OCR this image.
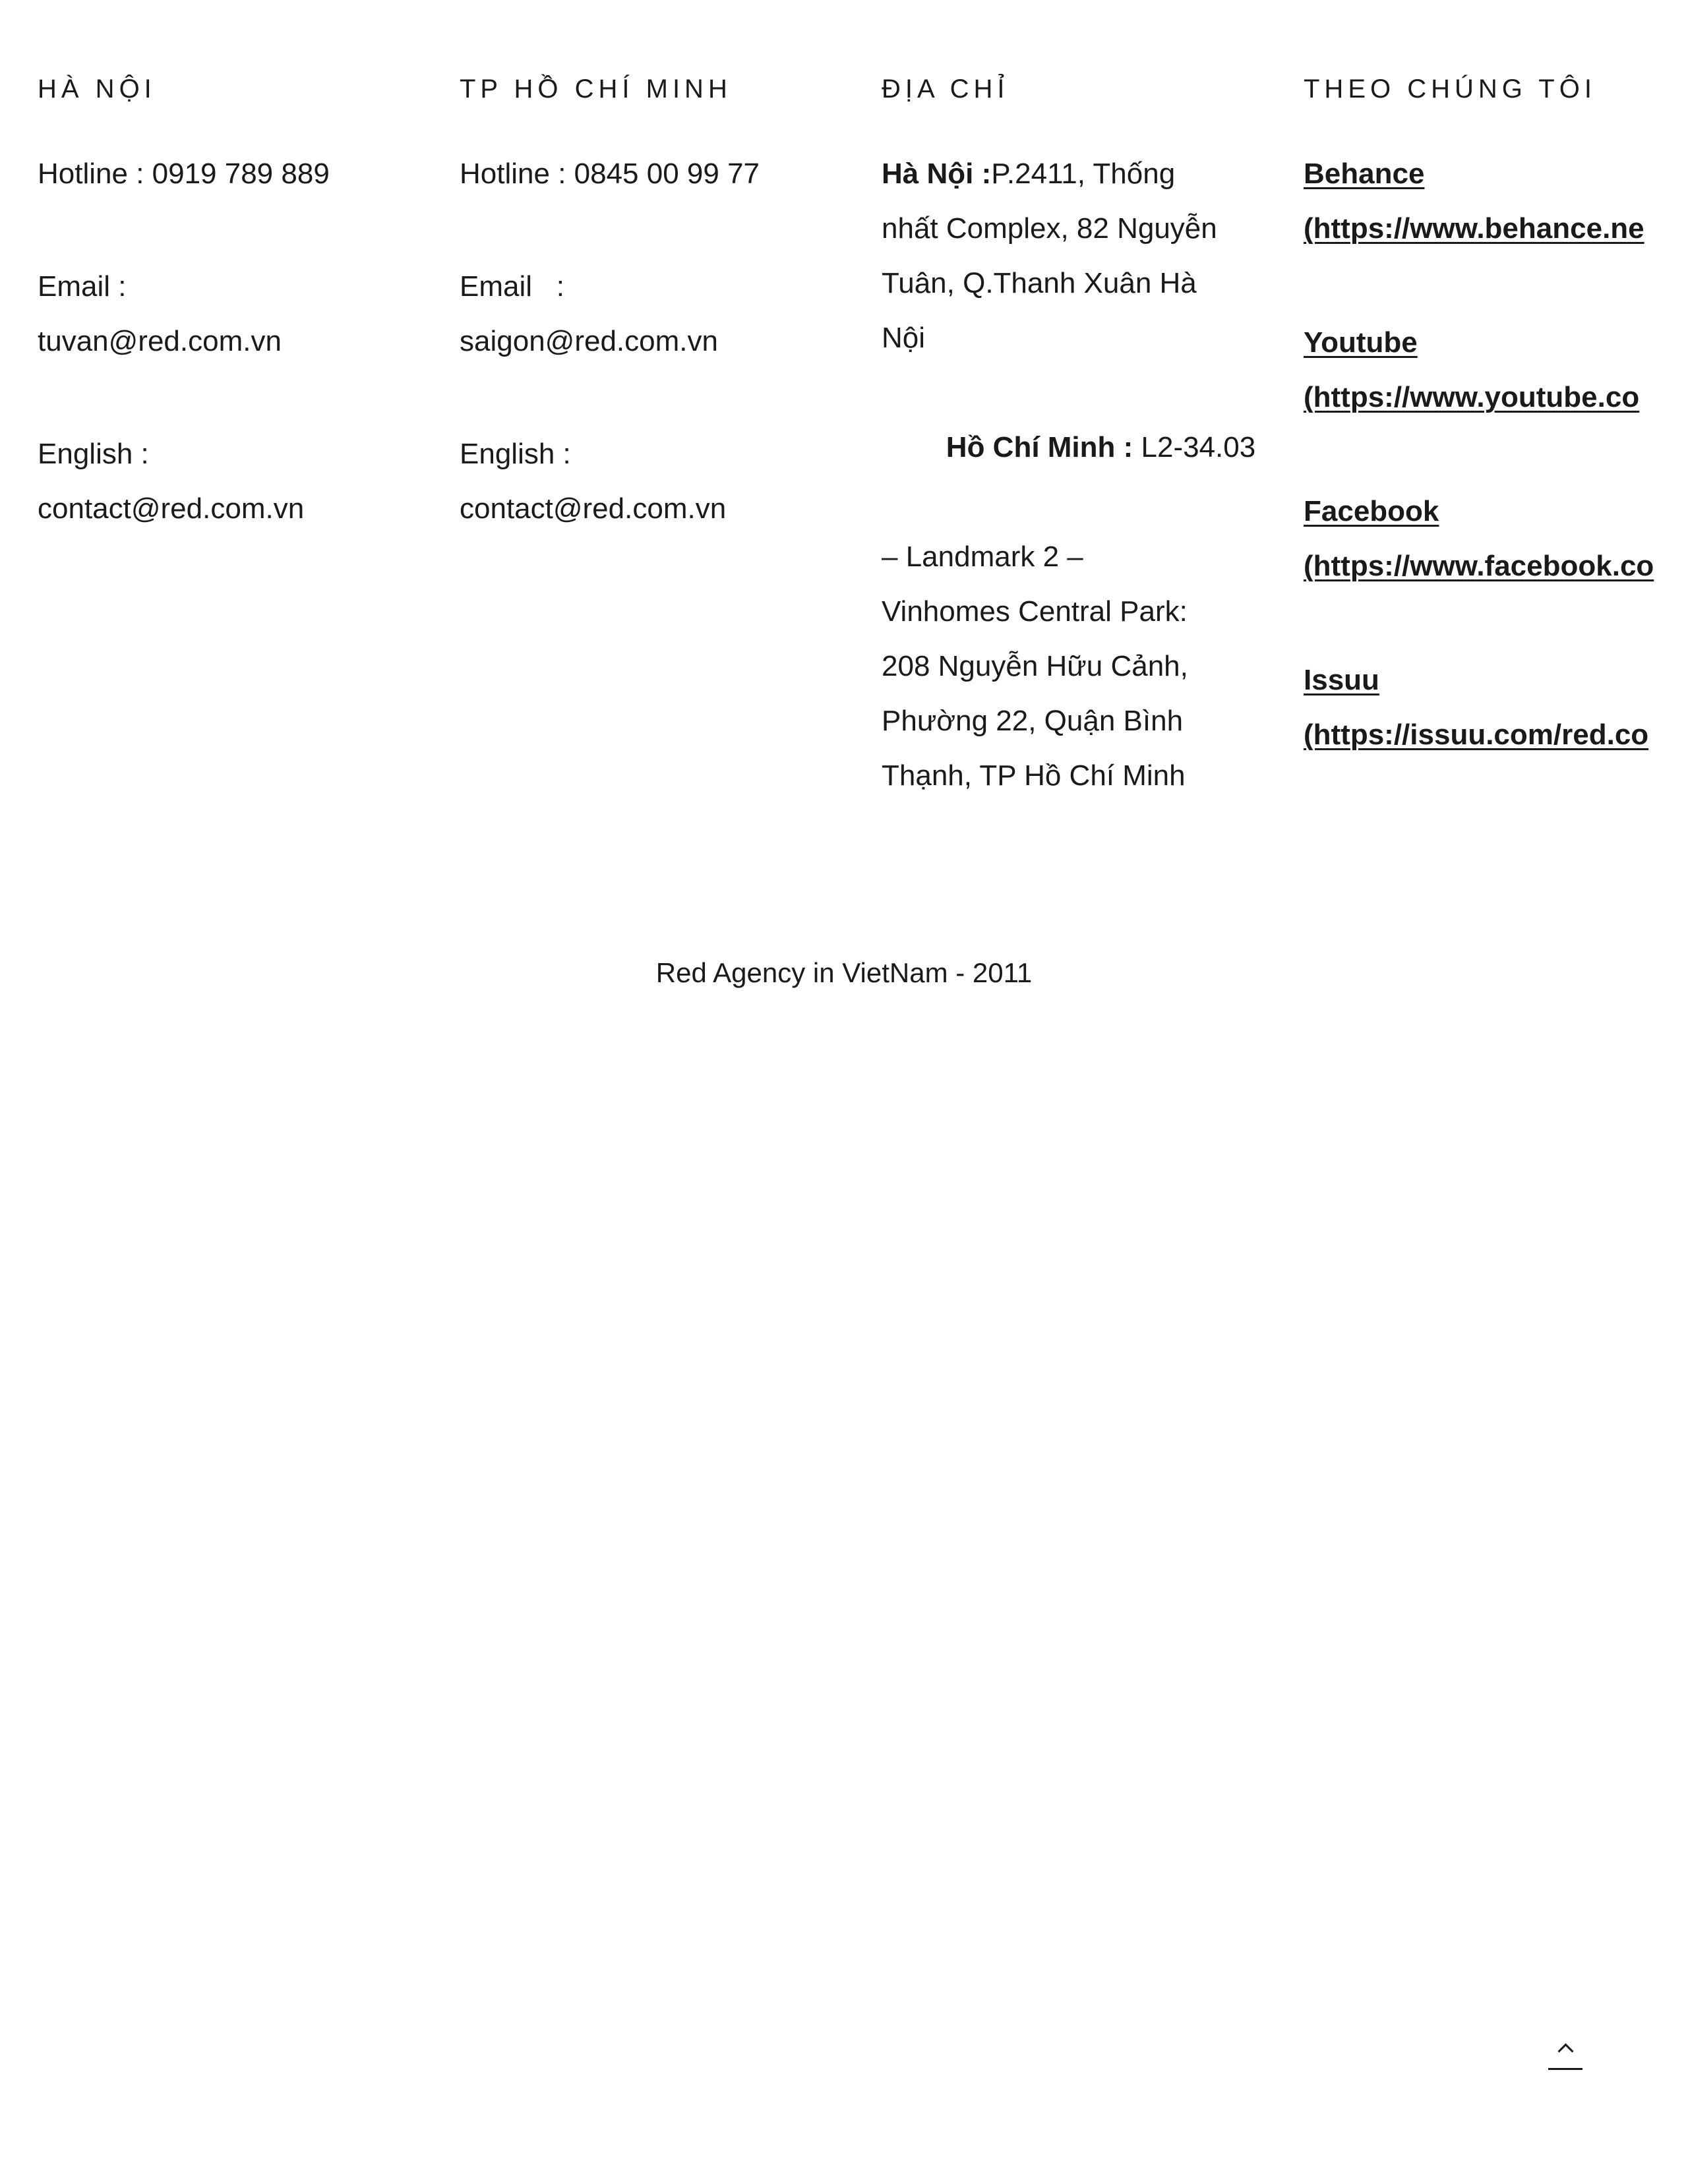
HÀ NỘI
Hotline : 0919 789 889
Email :
tuvan@red.com.vn
English :
contact@red.com.vn
TP HỒ CHÍ MINH
Hotline : 0845 00 99 77
Email   :
saigon@red.com.vn
English :
contact@red.com.vn
ĐỊA CHỈ
Hà Nội :P.2411, Thống
nhất Complex, 82 Nguyễn
Tuân, Q.Thanh Xuân Hà
Nội

Hồ Chí Minh : L2-34.03

– Landmark 2 –
Vinhomes Central Park:
208 Nguyễn Hữu Cảnh,
Phường 22, Quận Bình
Thạnh, TP Hồ Chí Minh
THEO CHÚNG TÔI
Behance
(https://www.behance.ne
Youtube
(https://www.youtube.co
Facebook
(https://www.facebook.co
Issuu
(https://issuu.com/red.co
Red Agency in VietNam - 2011
